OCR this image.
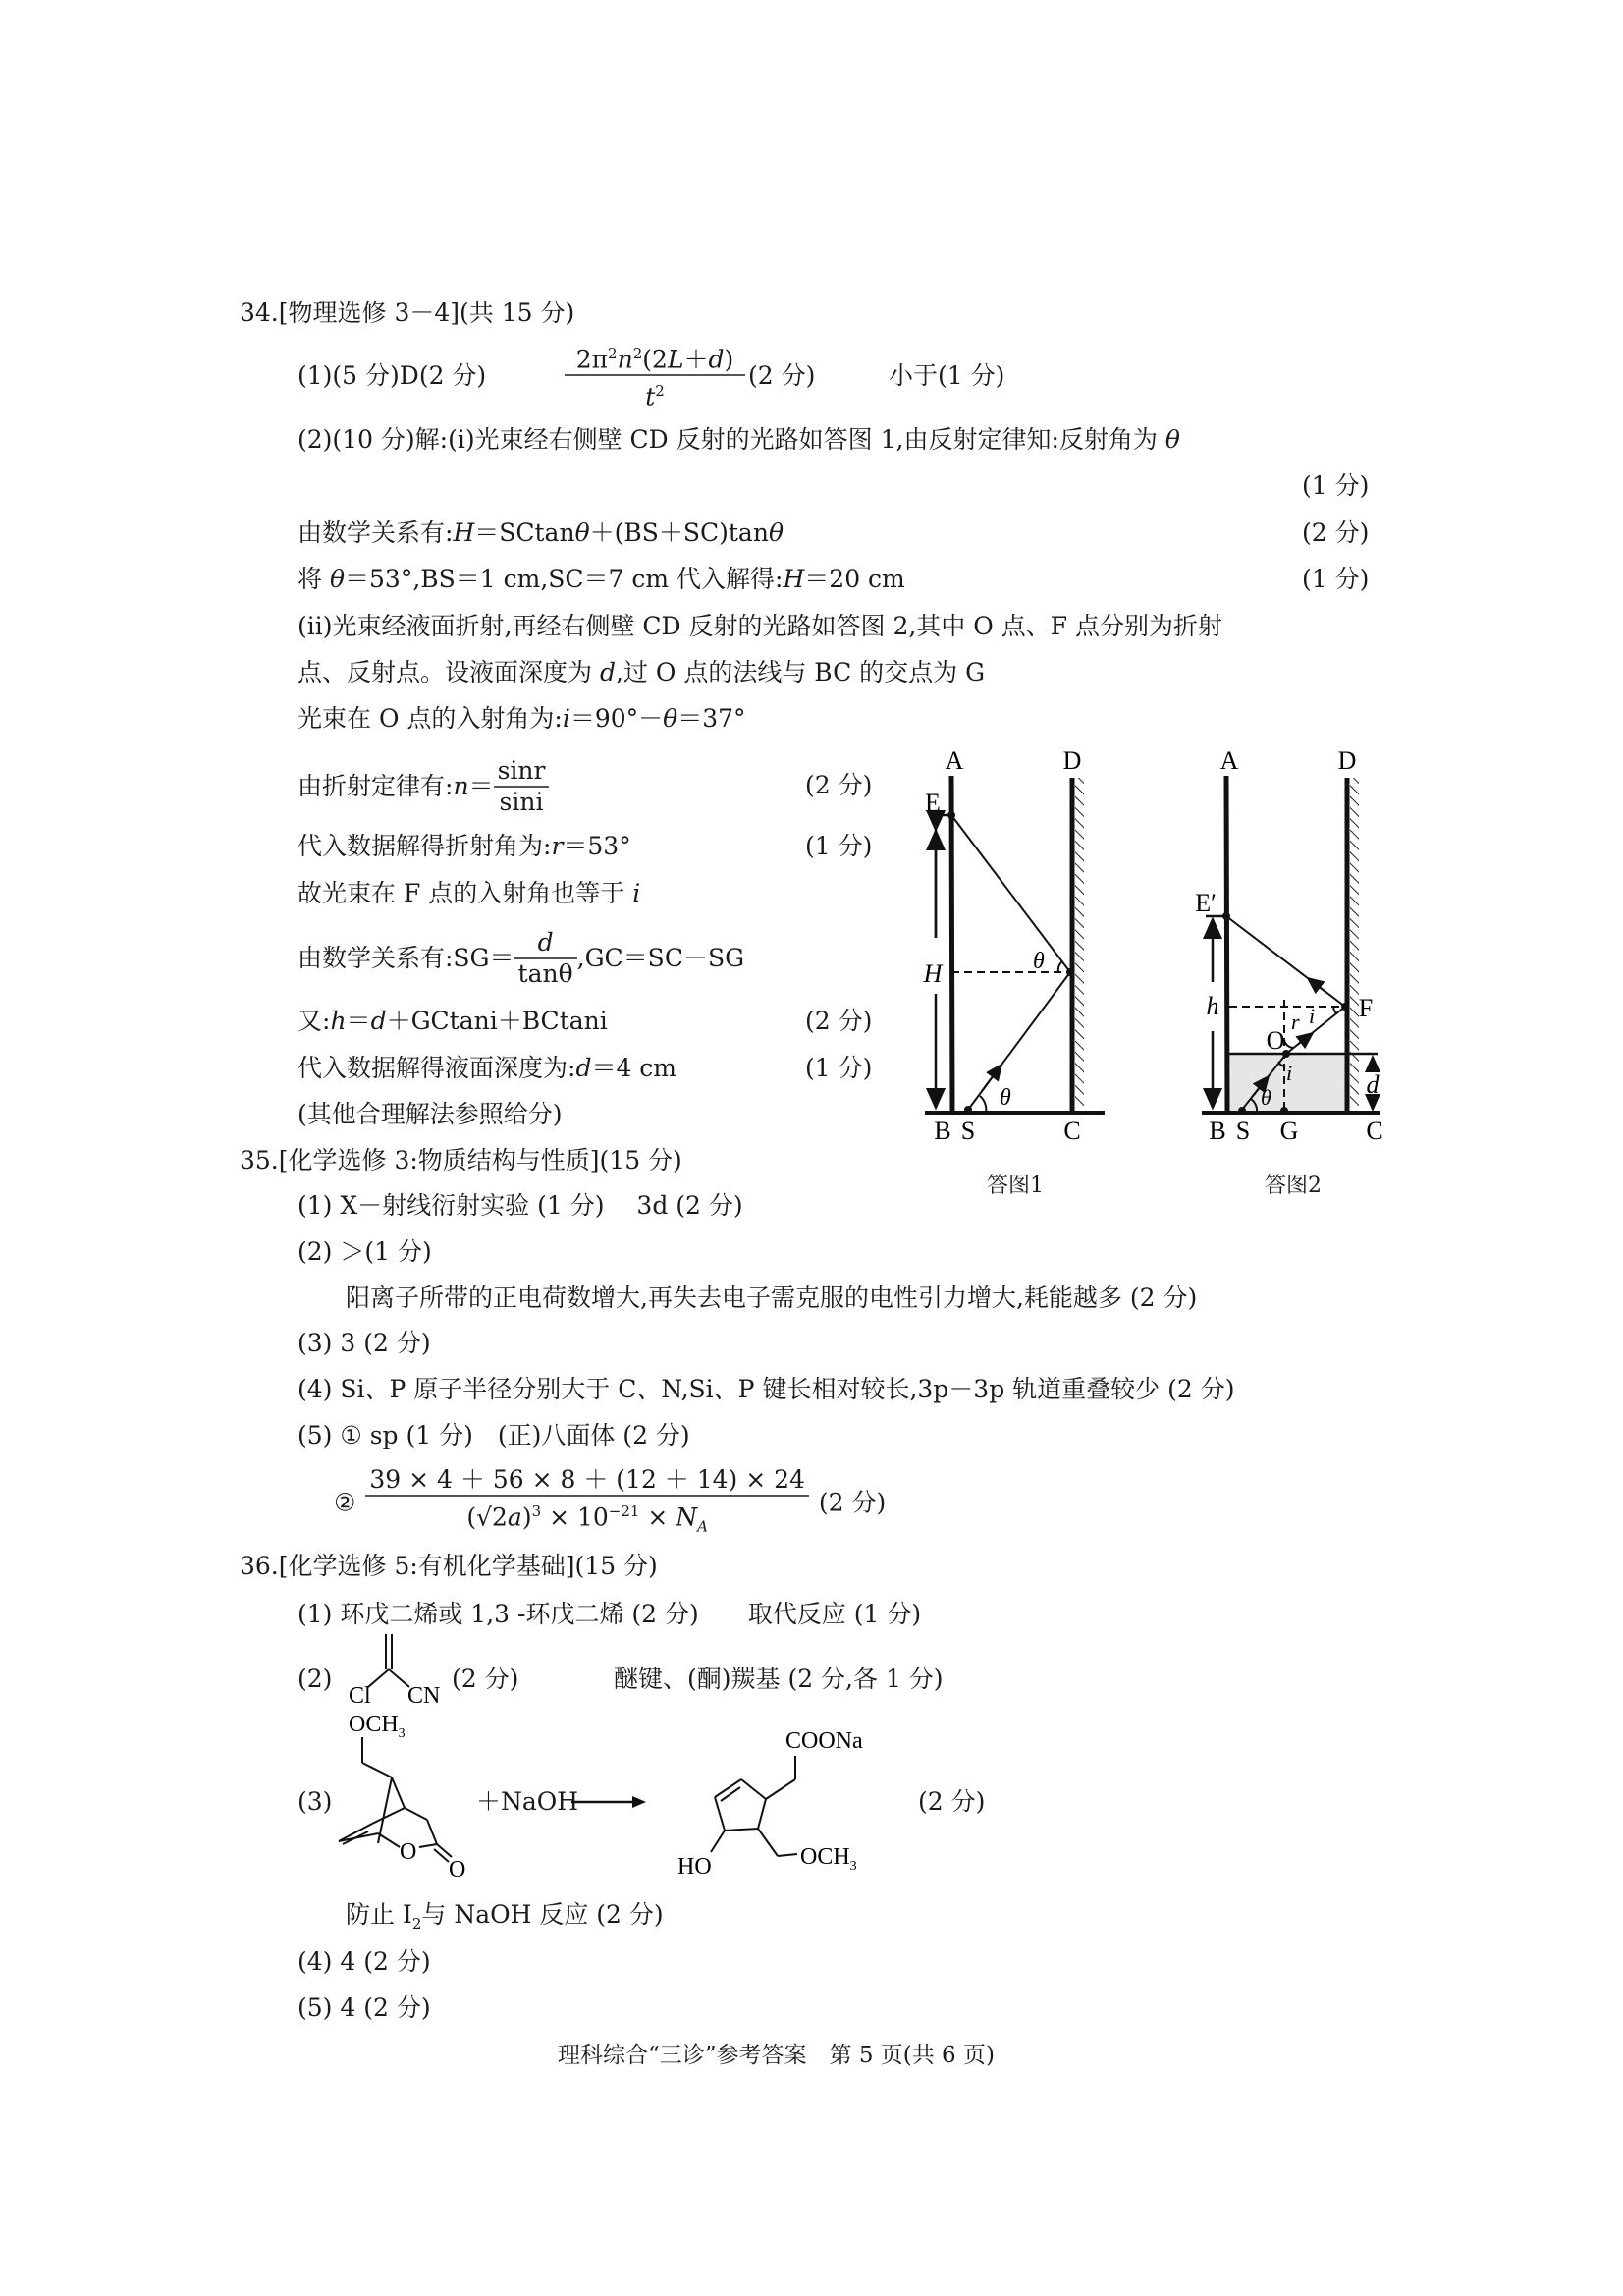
34.[物理选修 3－4](共 15 分)
(1)(5 分)D(2 分)	$\frac{2\pi^2n^2(2L+d)}{t^2} (2$ 分)	小于(1 分)
(2)(10 分)解:(i)光束经右侧壁 CD 反射的光路如答图 1,由反射定律知:反射角为 θ
(1 分)
由数学关系有:H＝SCtanθ＋(BS＋SC)tanθ	(2 分)
将 θ＝53°,BS＝1 cm,SC＝7 cm 代入解得:H＝20 cm	(1 分)
(ii)光束经液面折射,再经右侧壁 CD 反射的光路如答图 2,其中 O 点、F 点分别为折射
点、反射点。设液面深度为 d,过 O 点的法线与 BC 的交点为 G
光束在 O 点的入射角为:i＝90°－θ＝37°
由折射定律有:n＝ $\frac{\sin r}{\sin i}$	(2 分)
代入数据解得折射角为:r＝53°	(1 分)
故光束在 F 点的入射角也等于 i
由数学关系有:SG＝ $\frac{d}{\tan\theta} ,GC=SC-SG$
又:h＝d＋GCtani＋BCtani	(2 分)
代入数据解得液面深度为:d＝4 cm	(1 分)
(其他合理解法参照给分)
A	D
E
θ
θ
H
B S	C
答图1
A	D
E′
θ
i
r i
O
F
h
d
B S G	C
答图2
35.[化学选修 3:物质结构与性质](15 分)
(1) X－射线衍射实验 (1 分)　 3d (2 分)
(2) ＞(1 分)
阳离子所带的正电荷数增大,再失去电子需克服的电性引力增大,耗能越多 (2 分)
(3) 3 (2 分)
(4) Si、P 原子半径分别大于 C、N,Si、P 键长相对较长,3p－3p 轨道重叠较少 (2 分)
(5) ① sp (1 分)　(正)八面体 (2 分)
② $\frac{39 \times 4 + 56 \times 8 + (12 + 14) \times 24}{(√2a)^3 \times 10^{-21} \times N_A} (2$ 分)
36.[化学选修 5:有机化学基础](15 分)
(1) 环戊二烯或 1,3 -环戊二烯 (2 分)　　取代反应 (1 分)
(2)
Cl CN
(2 分)	醚键、(酮)羰基 (2 分,各 1 分)
(3)
$OCH_3$
O
O
＋NaOH
COONa
HO	$OCH_3$
(2 分)
防止 $I_2$与 NaOH 反应 (2 分)
(4) 4 (2 分)
(5) 4 (2 分)
理科综合“三诊”参考答案　第 5 页(共 6 页)
